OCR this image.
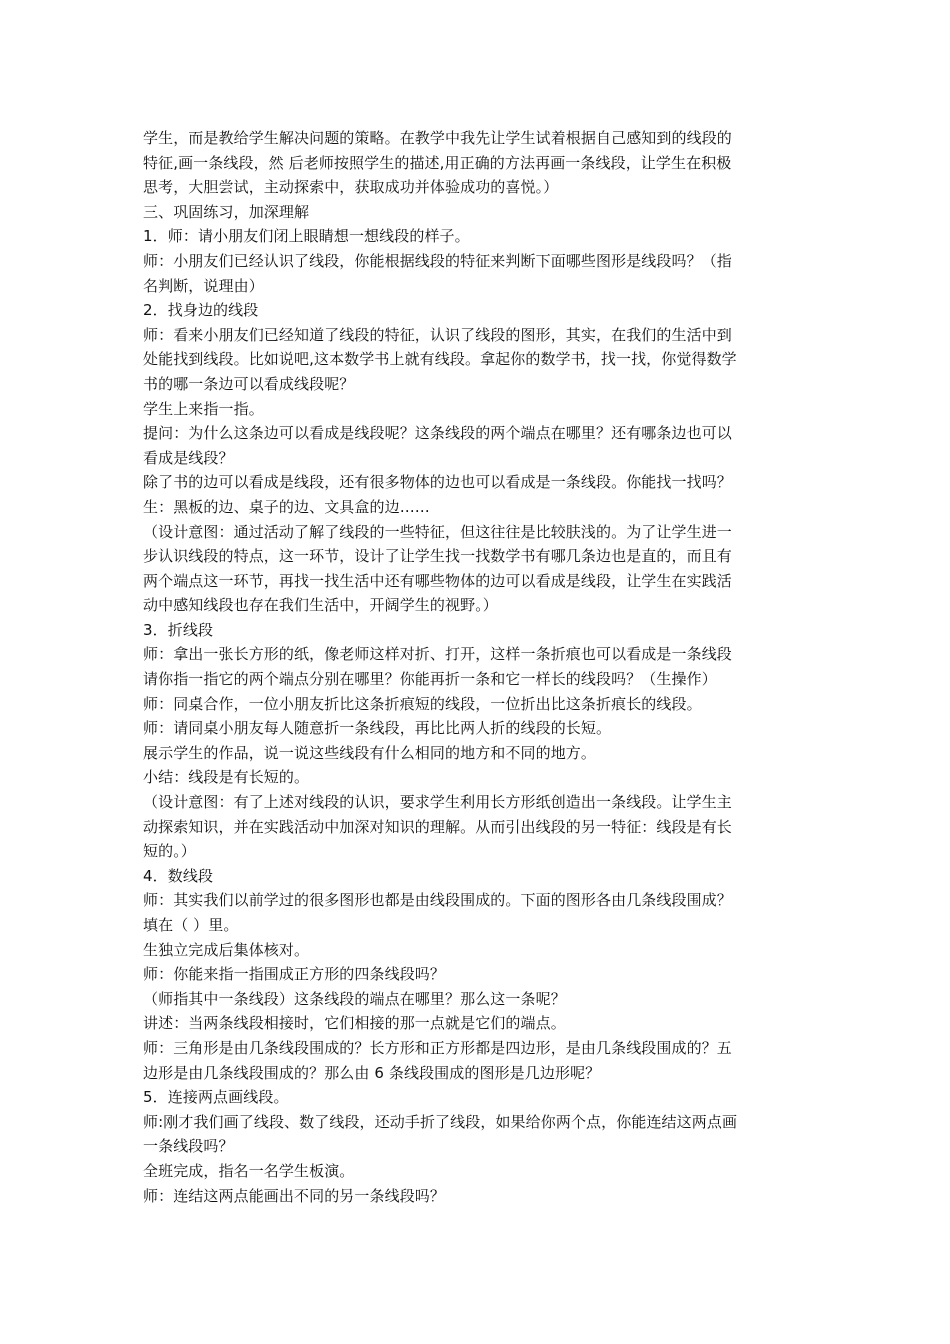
学生，而是教给学生解决问题的策略。在教学中我先让学生试着根据自己感知到的线段的
特征,画一条线段，然 后老师按照学生的描述,用正确的方法再画一条线段，让学生在积极
思考，大胆尝试，主动探索中，获取成功并体验成功的喜悦。）
三、巩固练习，加深理解
1．师：请小朋友们闭上眼睛想一想线段的样子。
师：小朋友们已经认识了线段，你能根据线段的特征来判断下面哪些图形是线段吗？（指
名判断，说理由）
2．找身边的线段
师：看来小朋友们已经知道了线段的特征，认识了线段的图形，其实，在我们的生活中到
处能找到线段。比如说吧,这本数学书上就有线段。拿起你的数学书，找一找，你觉得数学
书的哪一条边可以看成线段呢？
学生上来指一指。
提问：为什么这条边可以看成是线段呢？这条线段的两个端点在哪里？还有哪条边也可以
看成是线段？
除了书的边可以看成是线段，还有很多物体的边也可以看成是一条线段。你能找一找吗？
生：黑板的边、桌子的边、文具盒的边……
（设计意图：通过活动了解了线段的一些特征，但这往往是比较肤浅的。为了让学生进一
步认识线段的特点，这一环节，设计了让学生找一找数学书有哪几条边也是直的，而且有
两个端点这一环节，再找一找生活中还有哪些物体的边可以看成是线段，让学生在实践活
动中感知线段也存在我们生活中，开阔学生的视野。）
3．折线段
师：拿出一张长方形的纸，像老师这样对折、打开，这样一条折痕也可以看成是一条线段
请你指一指它的两个端点分别在哪里？你能再折一条和它一样长的线段吗？（生操作）
师：同桌合作，一位小朋友折比这条折痕短的线段，一位折出比这条折痕长的线段。
师：请同桌小朋友每人随意折一条线段，再比比两人折的线段的长短。
展示学生的作品，说一说这些线段有什么相同的地方和不同的地方。
小结：线段是有长短的。
（设计意图：有了上述对线段的认识，要求学生利用长方形纸创造出一条线段。让学生主
动探索知识，并在实践活动中加深对知识的理解。从而引出线段的另一特征：线段是有长
短的。）
4．数线段
师：其实我们以前学过的很多图形也都是由线段围成的。下面的图形各由几条线段围成？
填在（ ）里。
生独立完成后集体核对。
师：你能来指一指围成正方形的四条线段吗？
（师指其中一条线段）这条线段的端点在哪里？那么这一条呢？
讲述：当两条线段相接时，它们相接的那一点就是它们的端点。
师：三角形是由几条线段围成的？长方形和正方形都是四边形，是由几条线段围成的？五
边形是由几条线段围成的？那么由 6 条线段围成的图形是几边形呢？
5．连接两点画线段。
师:刚才我们画了线段、数了线段，还动手折了线段，如果给你两个点，你能连结这两点画
一条线段吗？
全班完成，指名一名学生板演。
师：连结这两点能画出不同的另一条线段吗？
